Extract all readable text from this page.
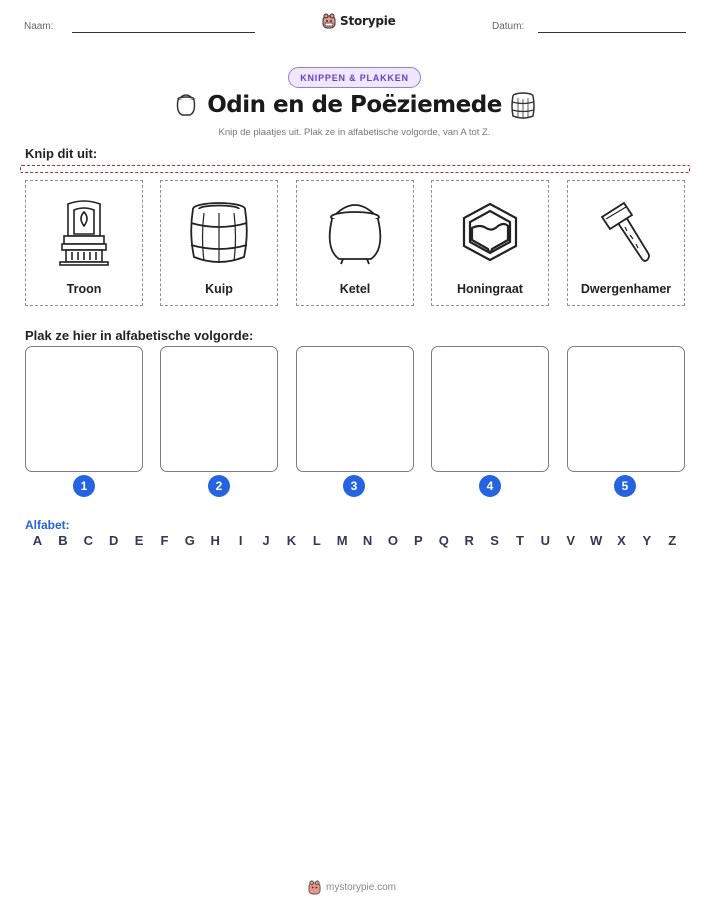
Naam:	Storypie	Datum:
KNIPPEN & PLAKKEN
Odin en de Poëziemede
Knip de plaatjes uit. Plak ze in alfabetische volgorde, van A tot Z.
Knip dit uit:
Troon	Kuip	Ketel	Honingraat	Dwergenhamer
Plak ze hier in alfabetische volgorde:
1	2	3	4	5
Alfabet:
A	B	C	D	E	F	G	H	I	J	K	L	M	N	O	P	Q	R	S	T	U	V	W	X	Y	Z
mystorypie.com
